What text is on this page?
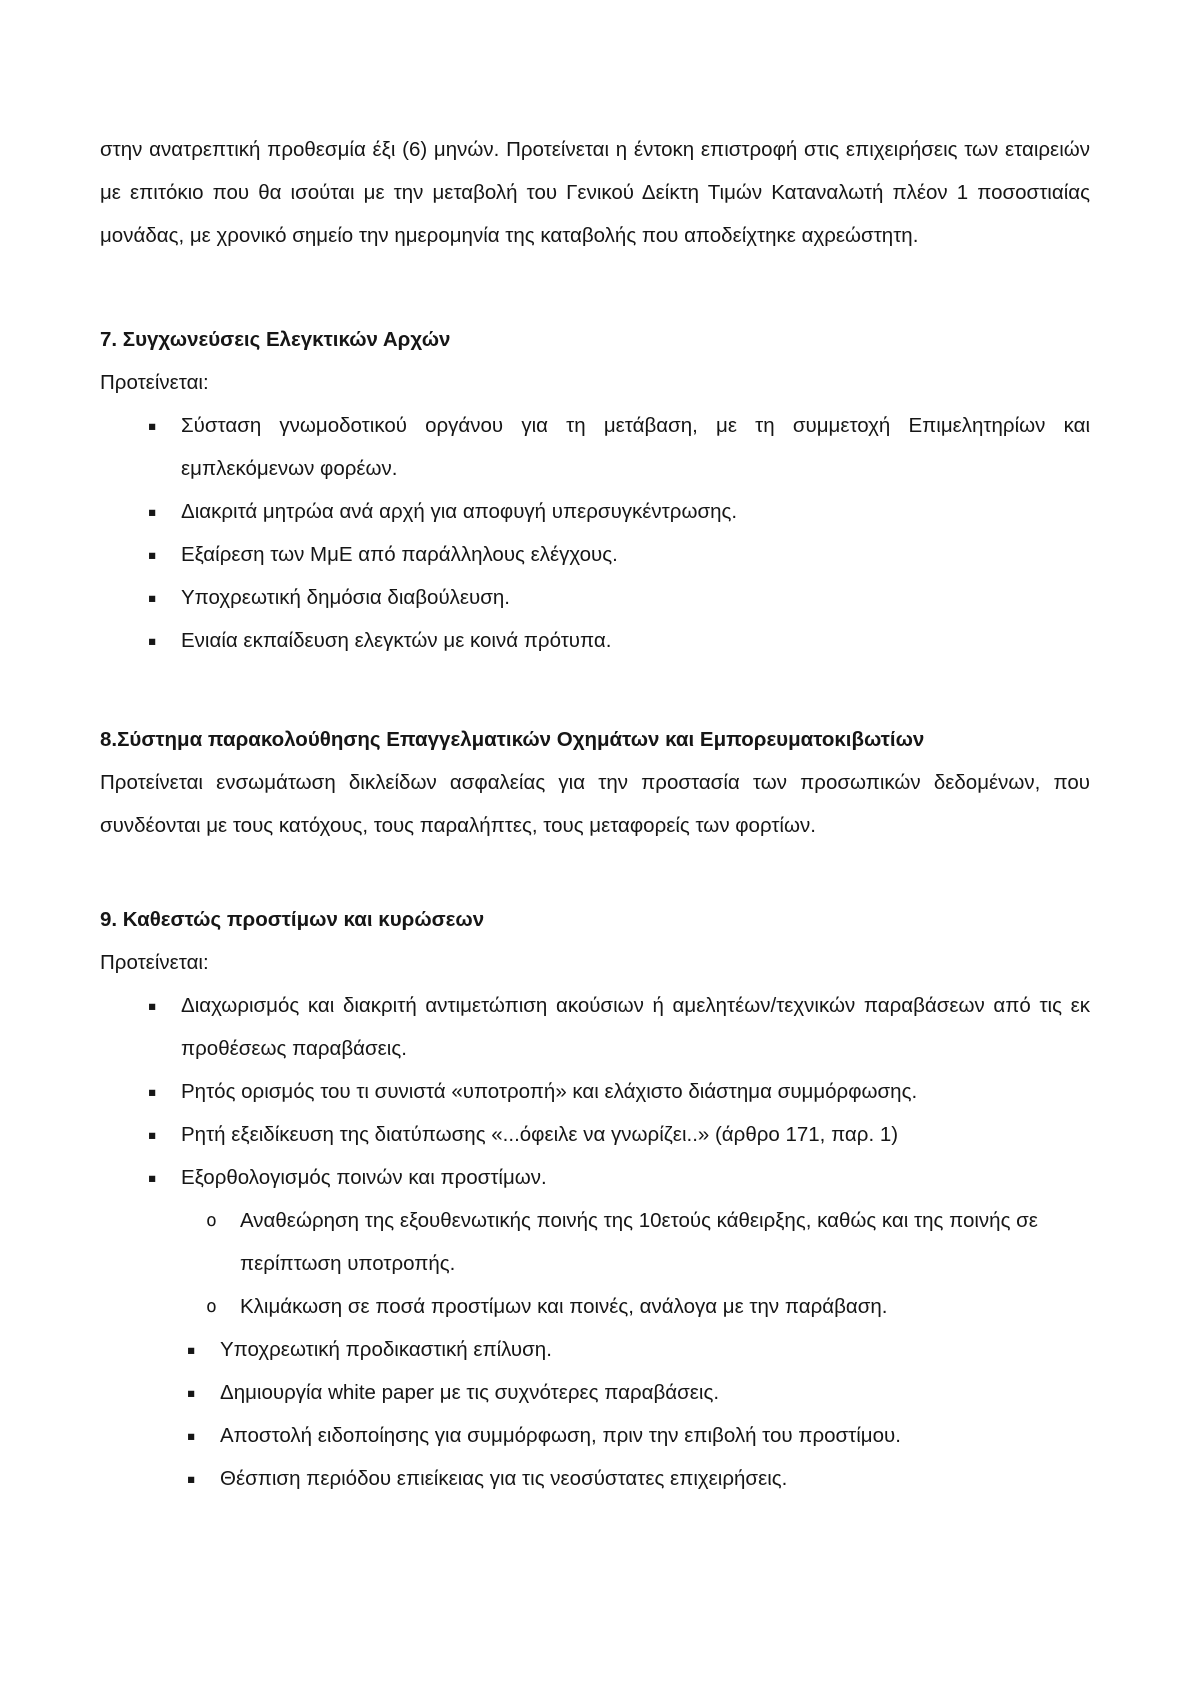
στην ανατρεπτική προθεσμία έξι (6) μηνών. Προτείνεται η έντοκη επιστροφή στις επιχειρήσεις των εταιρειών με επιτόκιο που θα ισούται με την μεταβολή του Γενικού Δείκτη Τιμών Καταναλωτή πλέον 1 ποσοστιαίας μονάδας, με χρονικό σημείο την ημερομηνία της καταβολής που αποδείχτηκε αχρεώστητη.

7. Συγχωνεύσεις Ελεγκτικών Αρχών

Προτείνεται:

▪ Σύσταση γνωμοδοτικού οργάνου για τη μετάβαση, με τη συμμετοχή Επιμελητηρίων και εμπλεκόμενων φορέων.
▪ Διακριτά μητρώα ανά αρχή για αποφυγή υπερσυγκέντρωσης.
▪ Εξαίρεση των ΜμΕ από παράλληλους ελέγχους.
▪ Υποχρεωτική δημόσια διαβούλευση.
▪ Ενιαία εκπαίδευση ελεγκτών με κοινά πρότυπα.
8.Σύστημα παρακολούθησης Επαγγελματικών Οχημάτων και Εμπορευματοκιβωτίων

Προτείνεται ενσωμάτωση δικλείδων ασφαλείας για την προστασία των προσωπικών δεδομένων, που συνδέονται με τους κατόχους, τους παραλήπτες, τους μεταφορείς των φορτίων.

9. Καθεστώς προστίμων και κυρώσεων

Προτείνεται:

▪ Διαχωρισμός και διακριτή αντιμετώπιση ακούσιων ή αμελητέων/τεχνικών παραβάσεων από τις εκ προθέσεως παραβάσεις.
▪ Ρητός ορισμός του τι συνιστά «υποτροπή» και ελάχιστο διάστημα συμμόρφωσης.
▪ Ρητή εξειδίκευση της διατύπωσης «...όφειλε να γνωρίζει..» (άρθρο 171, παρ. 1)
▪ Εξορθολογισμός ποινών και προστίμων.
o Αναθεώρηση της εξουθενωτικής ποινής της 10ετούς κάθειρξης, καθώς και της ποινής σε περίπτωση υποτροπής.
o Κλιμάκωση σε ποσά προστίμων και ποινές, ανάλογα με την παράβαση.
▪ Υποχρεωτική προδικαστική επίλυση.
▪ Δημιουργία white paper με τις συχνότερες παραβάσεις.
▪ Αποστολή ειδοποίησης για συμμόρφωση, πριν την επιβολή του προστίμου.
▪ Θέσπιση περιόδου επιείκειας για τις νεοσύστατες επιχειρήσεις.
